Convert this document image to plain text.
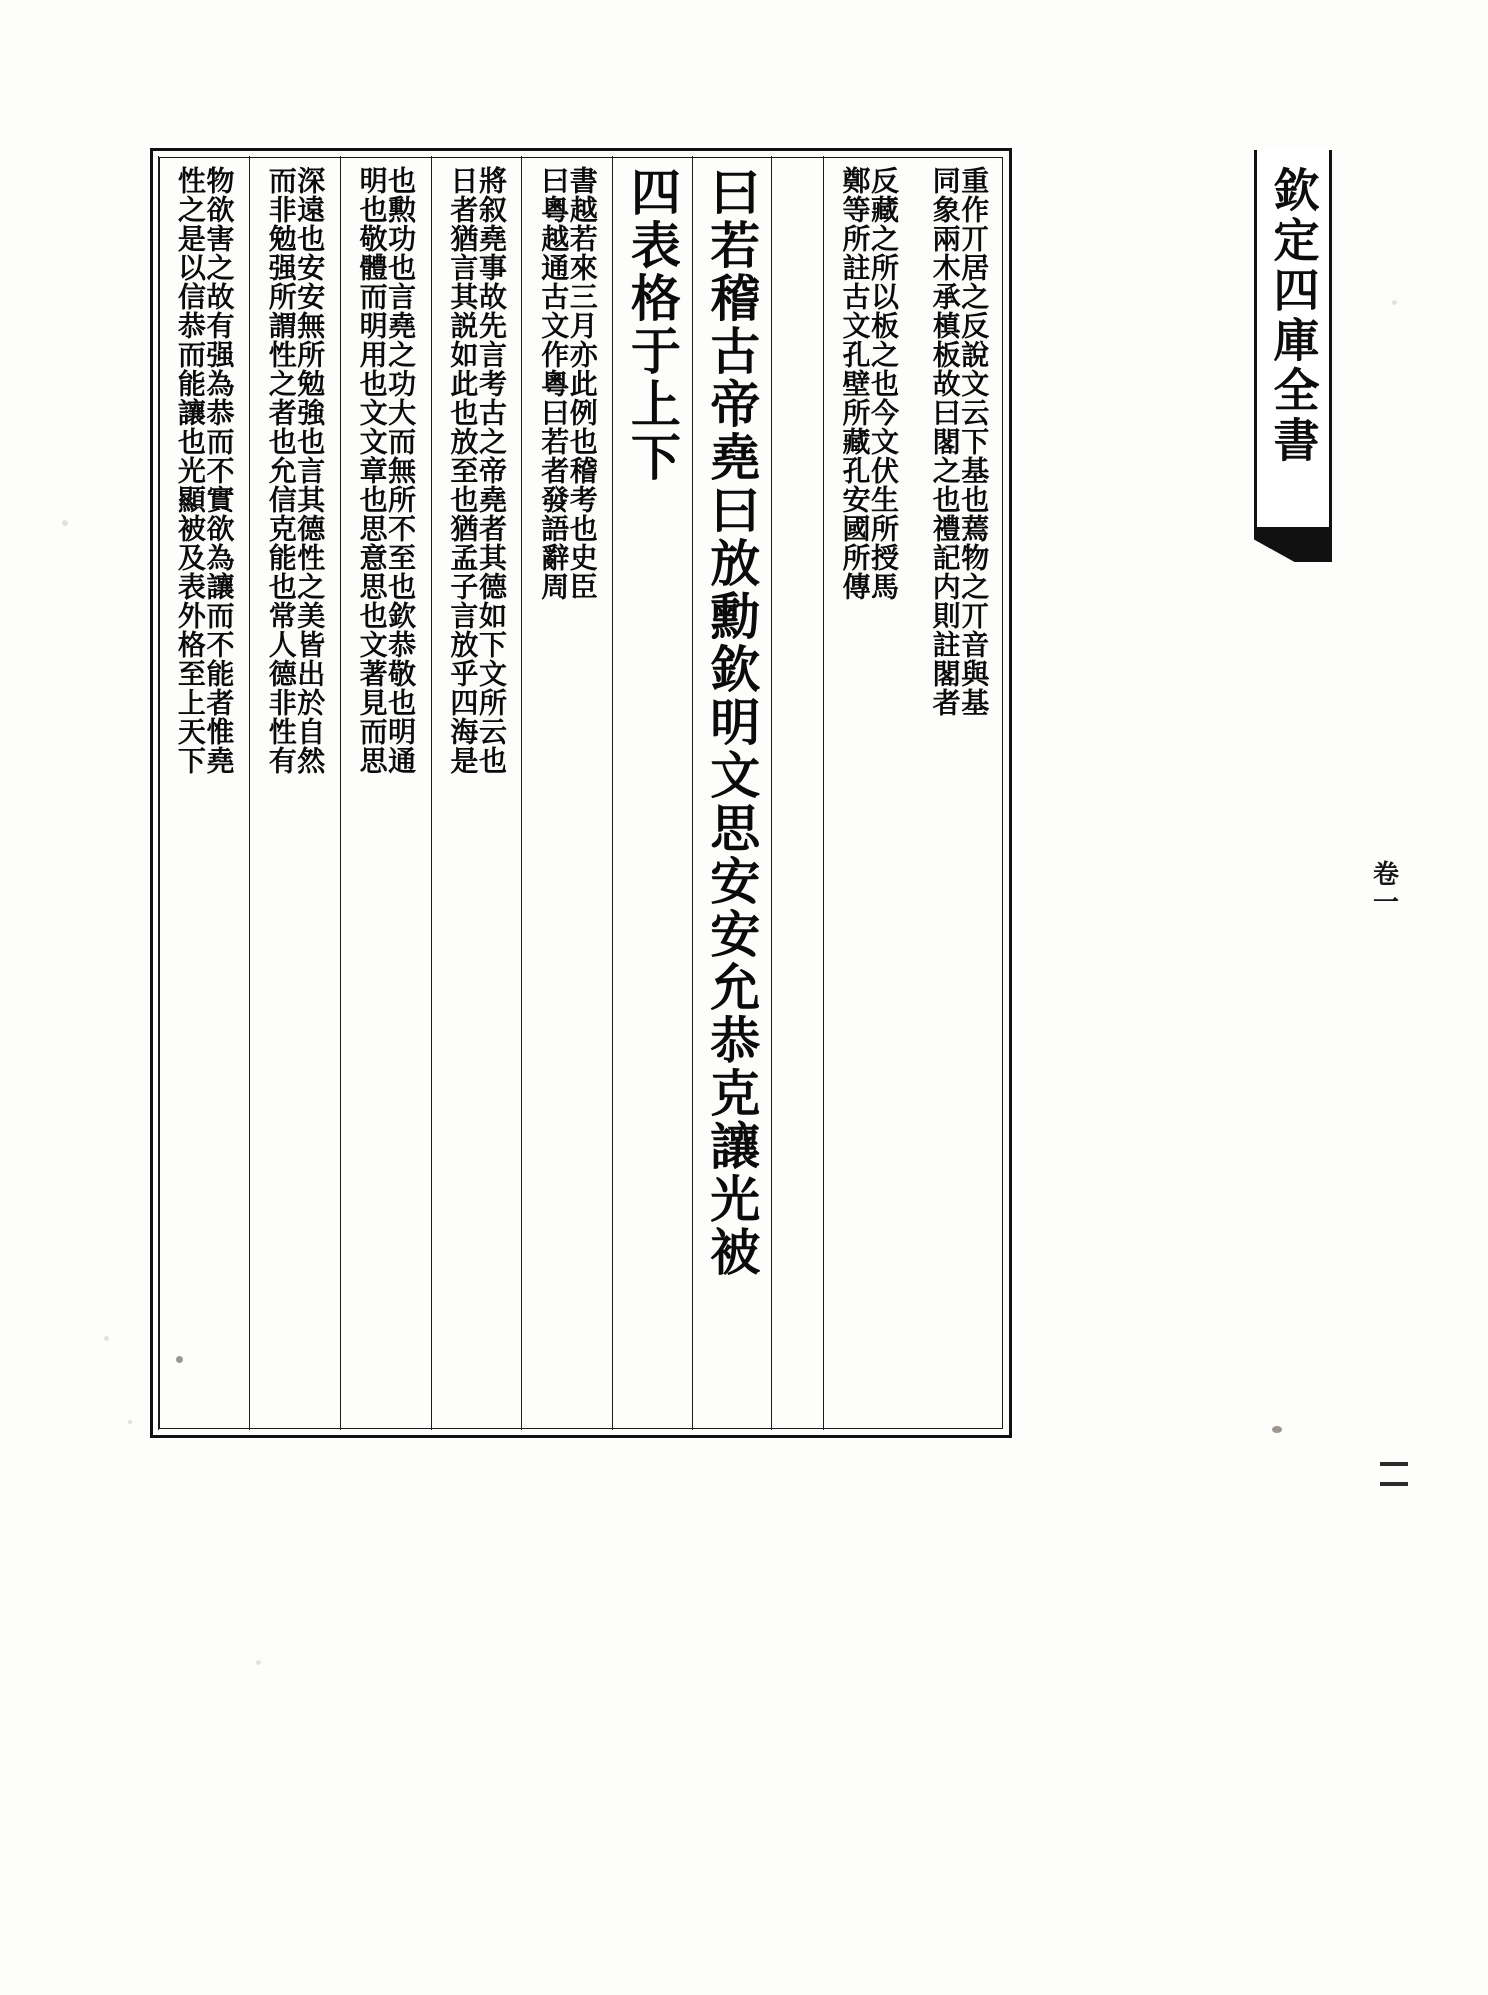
重作丌居之反說文云下基也蔫物之丌音與基
同象兩木承槙板故曰閣之也禮記内則註閣者
反藏之所以板之也今文伏生所授馬
鄭等所註古文孔壁所藏孔安國所傳
曰若稽古帝堯曰放勳欽明文思安安允恭克讓光被
四表格于上下
書越若來三月亦此例也稽考也史臣
曰粵越通古文作粵曰若者發語辭周
將叙堯事故先言考古之帝堯者其德如下文所云也
日者猶言其説如此也放至也猶孟子言放乎四海是
也勲功也言堯之功大而無所不至也欽恭敬也明通
明也敬體而明用也文文章也思意思也文著見而思
深遠也安安無所勉強也言其德性之美皆出於自然
而非勉强所謂性之者也允信克能也常人德非性有
物欲害之故有强為恭而不實欲為讓而不能者惟堯
性之是以信恭而能讓也光顯被及表外格至上天下	欽定四庫全書
卷一
